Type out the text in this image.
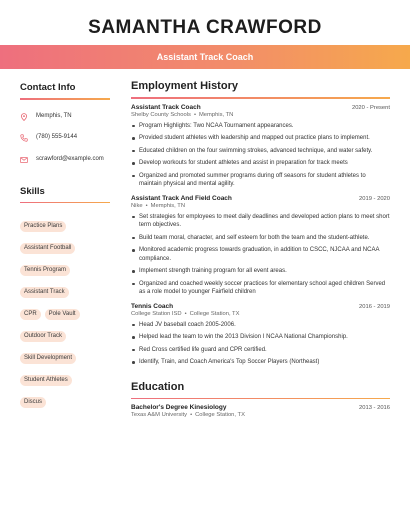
SAMANTHA CRAWFORD
Assistant Track Coach
Contact Info
Memphis, TN
(780) 555-9144
scrawford@example.com
Skills
Practice Plans
Assistant Football
Tennis Program
Assistant Track
CPR Pole Vault
Outdoor Track
Skill Development
Student Athletes
Discus
Employment History
Assistant Track Coach	2020 - Present
Shelby County Schools • Memphis, TN
Program Highlights: Two NCAA Tournament appearances.
Provided student athletes with leadership and mapped out practice plans to implement.
Educated children on the four swimming strokes, advanced technique, and water safety.
Develop workouts for student athletes and assist in preparation for track meets
Organized and promoted summer programs during off seasons for student athletes to maintain physical and mental agility.
Assistant Track And Field Coach	2019 - 2020
Nike • Memphis, TN
Set strategies for employees to meet daily deadlines and developed action plans to meet short term objectives.
Build team moral, character, and self esteem for both the team and the student-athlete.
Monitored academic progress towards graduation, in addition to CSCC, NJCAA and NCAA compliance.
Implement strength training program for all event areas.
Organized and coached weekly soccer practices for elementary school aged children Served as a role model to younger Fairfield children
Tennis Coach	2016 - 2019
College Station ISD • College Station, TX
Head JV baseball coach 2005-2006.
Helped lead the team to win the 2013 Division I NCAA National Championship.
Red Cross certified life guard and CPR certified.
Identify, Train, and Coach America's Top Soccer Players (Northeast)
Education
Bachelor's Degree Kinesiology	2013 - 2016
Texas A&M University • College Station, TX
